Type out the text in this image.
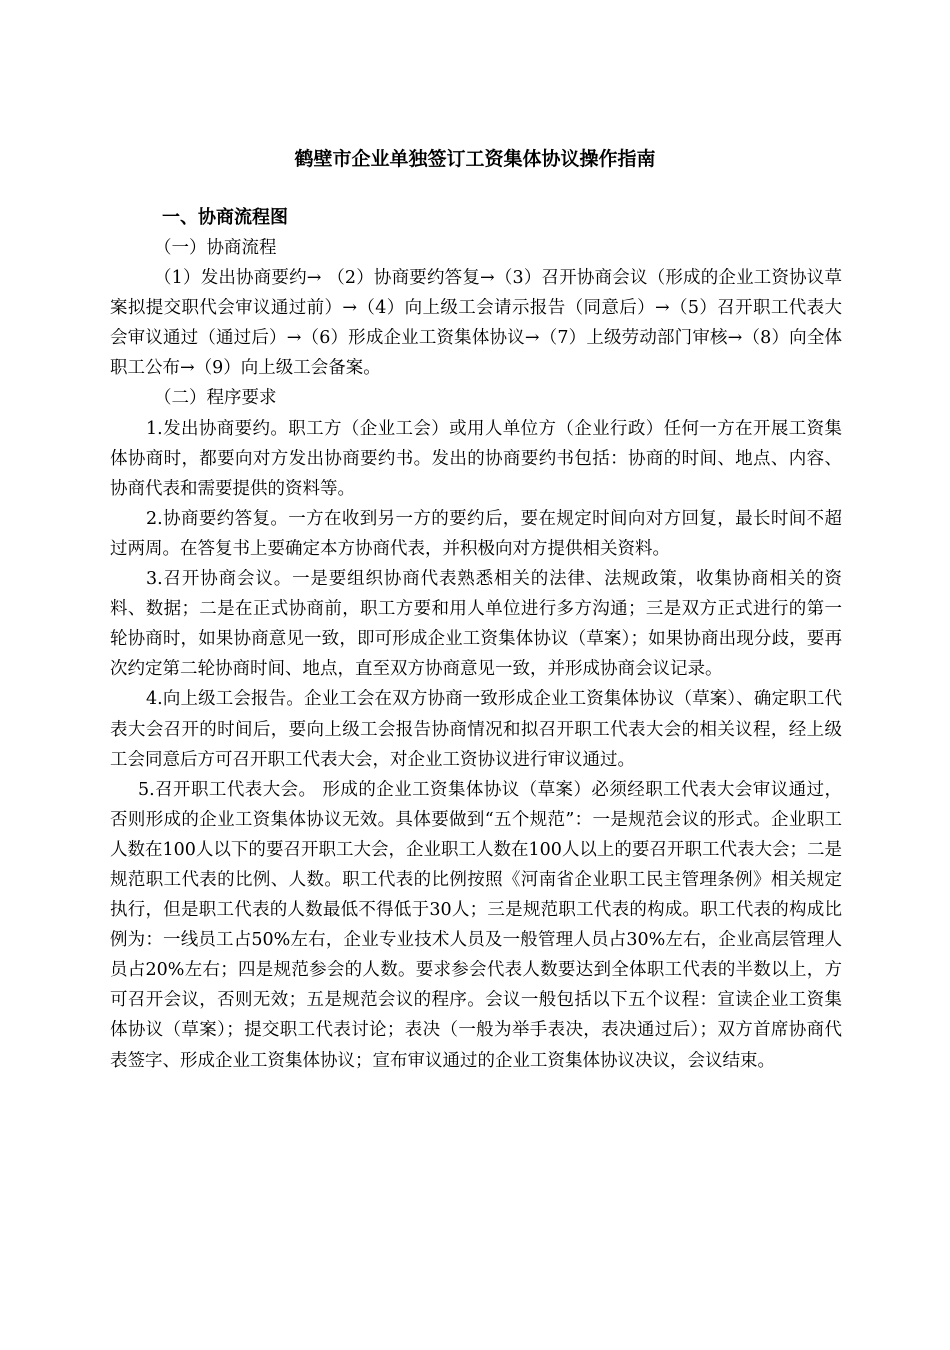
鹤壁市企业单独签订工资集体协议操作指南
一、协商流程图

（一）协商流程

（1）发出协商要约→ （2）协商要约答复→（3）召开协商会议（形成的企业工资协议草案拟提交职代会审议通过前）→（4）向上级工会请示报告（同意后）→（5）召开职工代表大会审议通过（通过后）→（6）形成企业工资集体协议→（7）上级劳动部门审核→（8）向全体职工公布→（9）向上级工会备案。

（二）程序要求

1.发出协商要约。职工方（企业工会）或用人单位方（企业行政）任何一方在开展工资集体协商时，都要向对方发出协商要约书。发出的协商要约书包括：协商的时间、地点、内容、协商代表和需要提供的资料等。

2.协商要约答复。一方在收到另一方的要约后，要在规定时间向对方回复，最长时间不超过两周。在答复书上要确定本方协商代表，并积极向对方提供相关资料。

3.召开协商会议。一是要组织协商代表熟悉相关的法律、法规政策，收集协商相关的资料、数据；二是在正式协商前，职工方要和用人单位进行多方沟通；三是双方正式进行的第一轮协商时，如果协商意见一致，即可形成企业工资集体协议（草案）；如果协商出现分歧，要再次约定第二轮协商时间、地点，直至双方协商意见一致，并形成协商会议记录。

4.向上级工会报告。企业工会在双方协商一致形成企业工资集体协议（草案）、确定职工代表大会召开的时间后，要向上级工会报告协商情况和拟召开职工代表大会的相关议程，经上级工会同意后方可召开职工代表大会，对企业工资协议进行审议通过。

5.召开职工代表大会。 形成的企业工资集体协议（草案）必须经职工代表大会审议通过，否则形成的企业工资集体协议无效。具体要做到“五个规范”：一是规范会议的形式。企业职工人数在100人以下的要召开职工大会，企业职工人数在100人以上的要召开职工代表大会；二是规范职工代表的比例、人数。职工代表的比例按照《河南省企业职工民主管理条例》相关规定执行，但是职工代表的人数最低不得低于30人；三是规范职工代表的构成。职工代表的构成比例为：一线员工占50%左右，企业专业技术人员及一般管理人员占30%左右，企业高层管理人员占20%左右；四是规范参会的人数。要求参会代表人数要达到全体职工代表的半数以上，方可召开会议，否则无效；五是规范会议的程序。会议一般包括以下五个议程：宣读企业工资集体协议（草案）；提交职工代表讨论；表决（一般为举手表决，表决通过后）；双方首席协商代表签字、形成企业工资集体协议；宣布审议通过的企业工资集体协议决议，会议结束。
